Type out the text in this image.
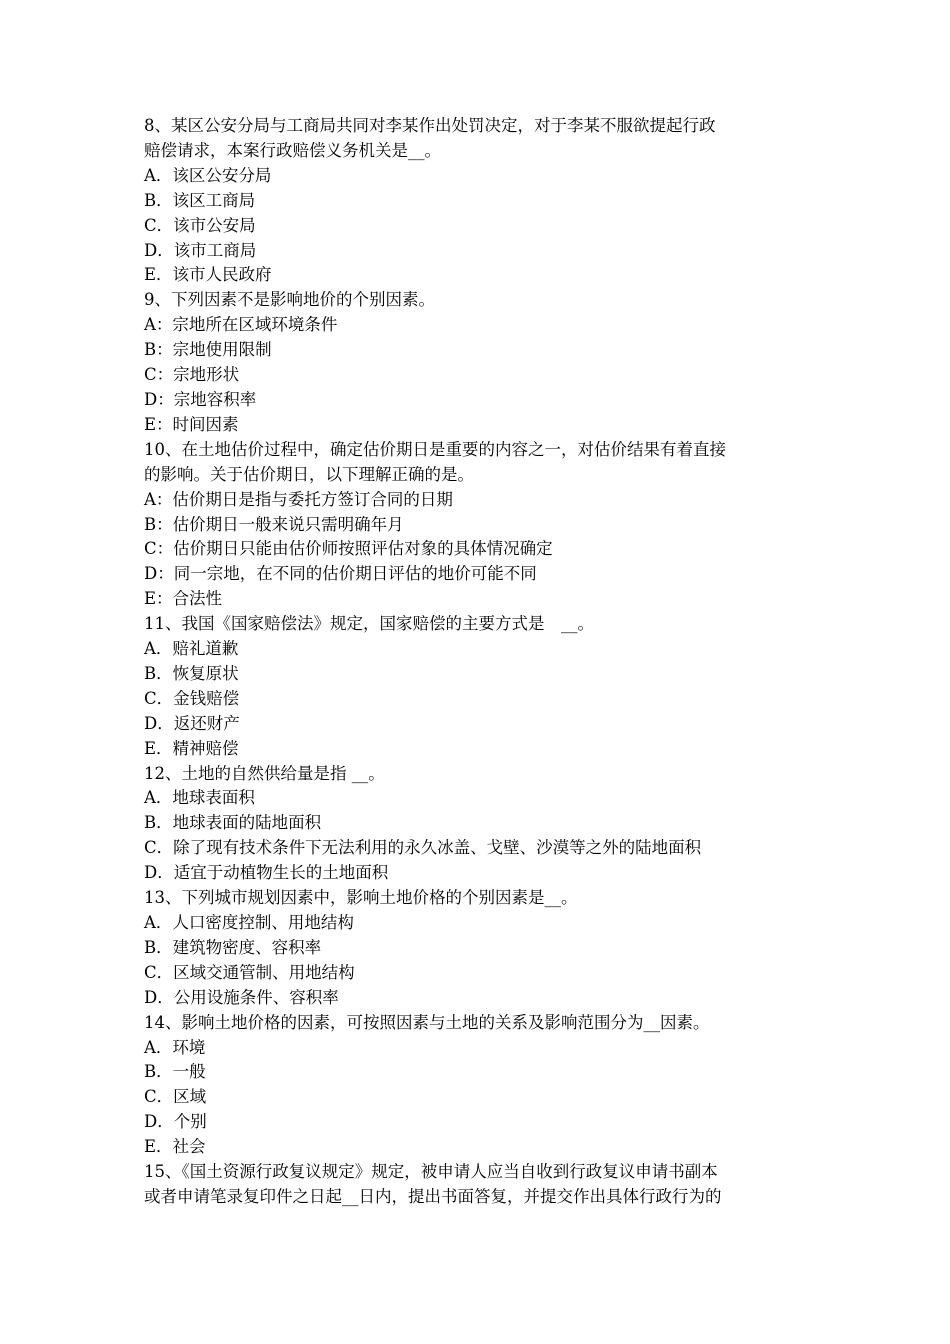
8、某区公安分局与工商局共同对李某作出处罚决定，对于李某不服欲提起行政
赔偿请求，本案行政赔偿义务机关是__。
A．该区公安分局
B．该区工商局
C．该市公安局
D．该市工商局
E．该市人民政府
9、下列因素不是影响地价的个别因素。
A：宗地所在区域环境条件
B：宗地使用限制
C：宗地形状
D：宗地容积率
E：时间因素
10、在土地估价过程中，确定估价期日是重要的内容之一，对估价结果有着直接
的影响。关于估价期日，以下理解正确的是。
A：估价期日是指与委托方签订合同的日期
B：估价期日一般来说只需明确年月
C：估价期日只能由估价师按照评估对象的具体情况确定
D：同一宗地，在不同的估价期日评估的地价可能不同
E：合法性
11、我国《国家赔偿法》规定，国家赔偿的主要方式是　__。
A．赔礼道歉
B．恢复原状
C．金钱赔偿
D．返还财产
E．精神赔偿
12、土地的自然供给量是指 __。
A．地球表面积
B．地球表面的陆地面积
C．除了现有技术条件下无法利用的永久冰盖、戈壁、沙漠等之外的陆地面积
D．适宜于动植物生长的土地面积
13、下列城市规划因素中，影响土地价格的个别因素是__。
A．人口密度控制、用地结构
B．建筑物密度、容积率
C．区域交通管制、用地结构
D．公用设施条件、容积率
14、影响土地价格的因素，可按照因素与土地的关系及影响范围分为__因素。
A．环境
B．一般
C．区域
D．个别
E．社会
15、《国土资源行政复议规定》规定，被申请人应当自收到行政复议申请书副本
或者申请笔录复印件之日起__日内，提出书面答复，并提交作出具体行政行为的
